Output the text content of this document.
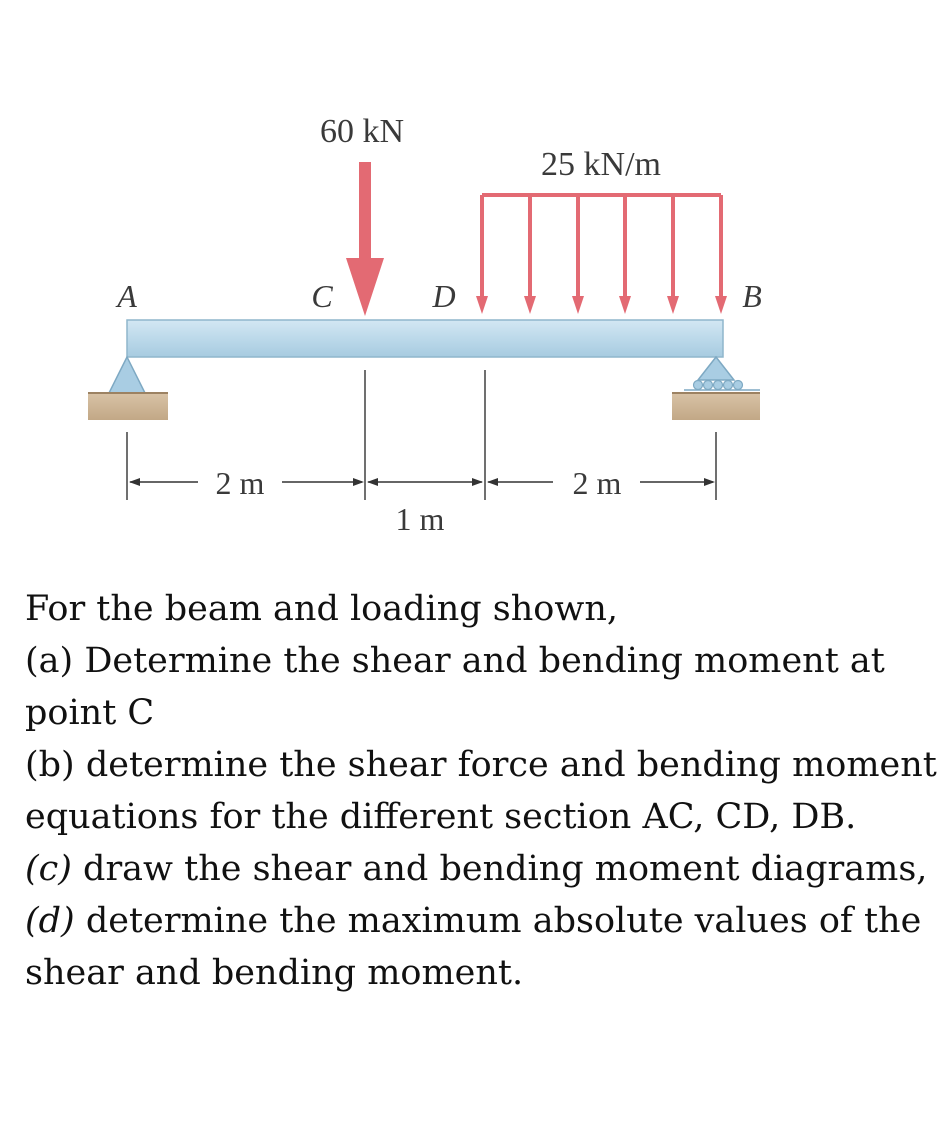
60 kN
25 kN/m
A	C	D	B
2 m
1 m
2 m

For the beam and loading shown,

(a) Determine the shear and bending moment at point C

(b) determine the shear force and bending moment equations for the different section AC, CD, DB.

(c) draw the shear and bending moment diagrams,

(d) determine the maximum absolute values of the shear and bending moment.
